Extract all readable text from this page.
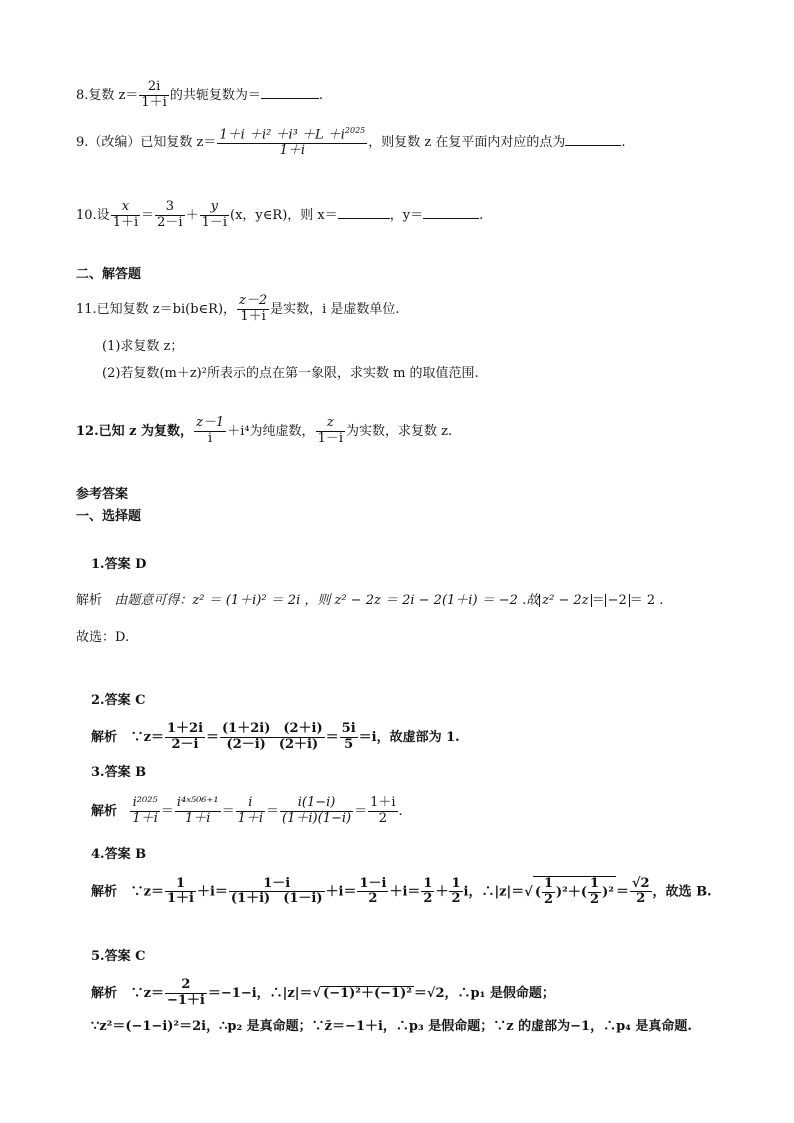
8.复数 $z= \frac{2i}{1+i}$ 的共轭复数为＝	.
9.（改编）已知复数 $z= \frac{1+i +i^2 +i^3 +L +i^{2025}}{1+i}$ ，则复数 z 在复平面内对应的点为	.
10.设 $\frac{x}{1+i} = \frac{3}{2-i} + \frac{y}{1-i} (x$，y∈R)，则 x＝	，y＝	.
二、解答题
11.已知复数 z＝bi(b∈R)， $\frac{z-2}{1+i}$ 是实数，i 是虚数单位.
(1)求复数 z；
(2)若复数(m＋z)²所表示的点在第一象限，求实数 m 的取值范围.
12.已知 z 为复数， $\frac{z-1}{i} +i^4$为纯虚数， $\frac{z}{1-i}$ 为实数，求复数 z.
参考答案
一、选择题
1.答案 D
解析 由题意可得：z² ＝ (1＋i)² ＝ 2i ，则 z² − 2z ＝ 2i − 2(1＋i) ＝ −2 .故 z² − 2z ＝ −2 ＝ 2 .
故选：D.
2.答案 C
解析 ∵z＝ $\frac{1+2i}{2-i} = \frac{(1+2i) (2+i)}{(2-i) (2+i)} = \frac{5i}{5} =i$，故虚部为 1.
3.答案 B
解析 $\frac{\text{i²⁰²⁵}}{1+i} = \frac{\text{i⁴ˣ⁵⁰⁶⁺¹}}{1+i} = \frac{i}{1+i} = \frac{i(1-i)}{(1+i)(1-i)} = \frac{1+i}{2}$ .
4.答案 B
解析 ∵z＝ $\frac{1}{1+i} +i= \frac{1-i}{(1+i) (1-i)} +i= \frac{1-i}{2} +i= \frac{1}{2} + \frac{1}{2}$ i，∴|z|＝√ ( $\frac{1}{2} )^2+( \frac{1}{2} )^2 = \frac{√2}{2}$ ，故选 B.
5.答案 C
解析 ∵z＝ $\frac{2}{-1+i} =-1-i$，∴|z|＝√ (−1)²＋(−1)² ＝√2，∴p₁ 是假命题；
∵z²＝(−1−i)²＝2i，∴p₂ 是真命题；∵z̄＝−1＋i，∴p₃ 是假命题；∵z 的虚部为−1，∴p₄ 是真命题.
